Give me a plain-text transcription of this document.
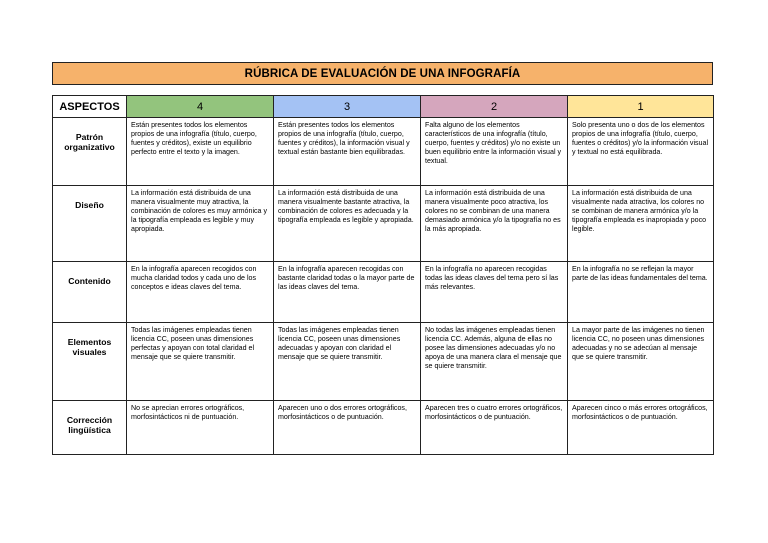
RÚBRICA DE EVALUACIÓN DE UNA INFOGRAFÍA
ASPECTOS	4	3	2	1
Patrón organizativo	Están presentes todos los elementos propios de una infografía (título, cuerpo, fuentes y créditos), existe un equilibrio perfecto entre el texto y la imagen.	Están presentes todos los elementos propios de una infografía (título, cuerpo, fuentes y créditos), la información visual y textual están bastante bien equilibradas.	Falta alguno de los elementos característicos de una infografía (título, cuerpo, fuentes y créditos) y/o no existe un buen equilibrio entre la información visual y textual.	Solo presenta uno o dos de los elementos propios de una infografía (título, cuerpo, fuentes o créditos) y/o la información visual y textual no está equilibrada.
Diseño	La información está distribuida de una manera visualmente muy atractiva, la combinación de colores es muy armónica y la tipografía empleada es legible y muy apropiada.	La información está distribuida de una manera visualmente bastante atractiva, la combinación de colores es adecuada y la tipografía empleada es legible y apropiada.	La información está distribuida de una manera visualmente poco atractiva, los colores no se combinan de una manera demasiado armónica y/o la tipografía no es la más apropiada.	La información está distribuida de una visualmente nada atractiva, los colores no se combinan de manera armónica y/o la tipografía empleada es inapropiada y poco legible.
Contenido	En la infografía aparecen recogidos con mucha claridad todos y cada uno de los conceptos e ideas claves del tema.	En la infografía aparecen recogidas con bastante claridad todas o la mayor parte de las ideas claves del tema.	En la infografía no aparecen recogidas todas las ideas claves del tema pero sí las más relevantes.	En la infografía no se reflejan la mayor parte de las ideas fundamentales del tema.
Elementos visuales	Todas las imágenes empleadas tienen licencia CC, poseen unas dimensiones perfectas y apoyan con total claridad el mensaje que se quiere transmitir.	Todas las imágenes empleadas tienen licencia CC, poseen unas dimensiones adecuadas y apoyan con claridad el mensaje que se quiere transmitir.	No todas las imágenes empleadas tienen licencia CC. Además, alguna de ellas no posee las dimensiones adecuadas y/o no apoya de una manera clara el mensaje que se quiere transmitir.	La mayor parte de las imágenes no tienen licencia CC, no poseen unas dimensiones adecuadas y no se adecúan al mensaje que se quiere transmitir.
Corrección lingüística	No se aprecian errores ortográficos, morfosintácticos ni de puntuación.	Aparecen uno o dos errores ortográficos, morfosintácticos o de puntuación.	Aparecen tres o cuatro errores ortográficos, morfosintácticos o de puntuación.	Aparecen cinco o más errores ortográficos, morfosintácticos o de puntuación.
